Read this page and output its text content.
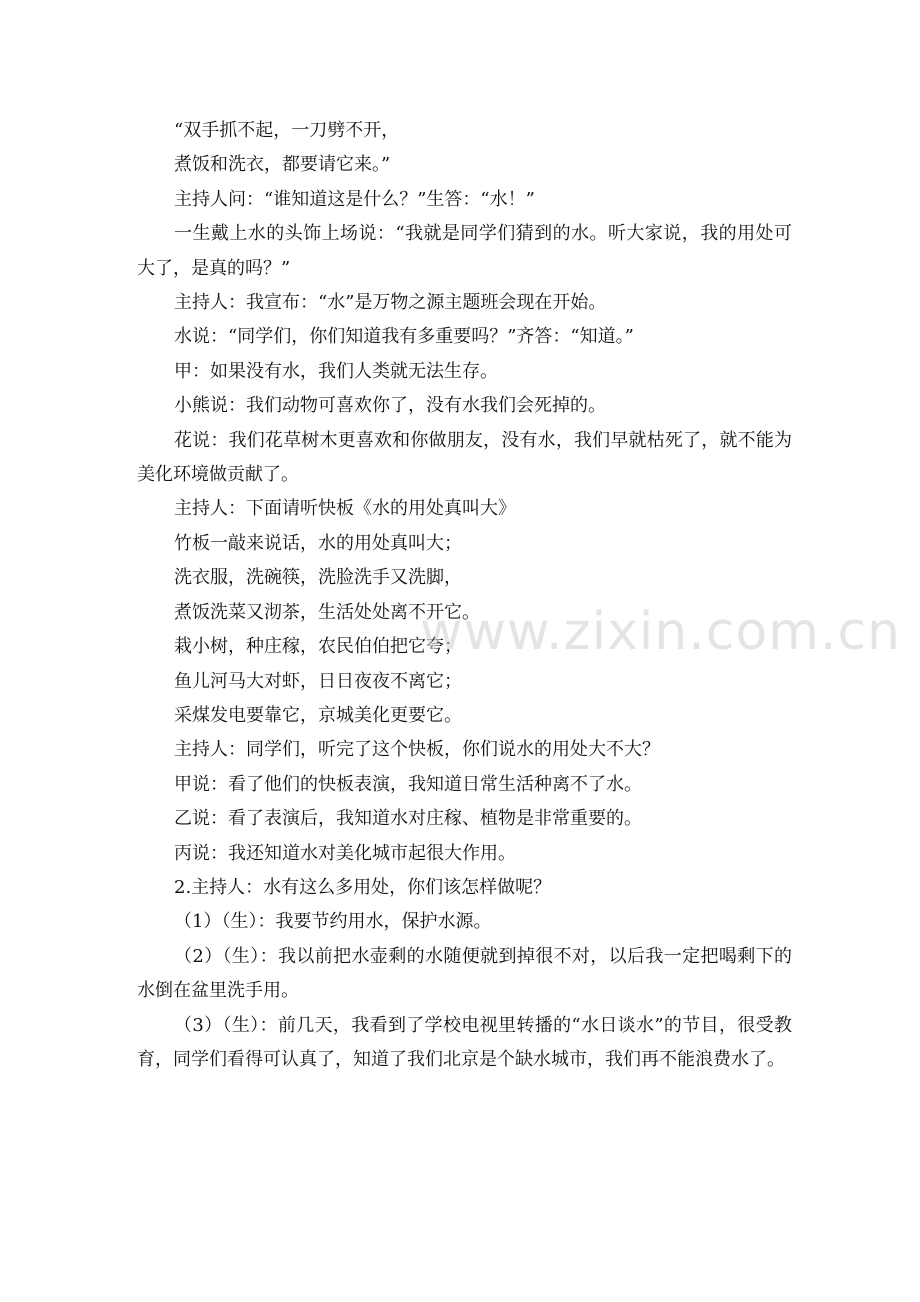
“双手抓不起，一刀劈不开，

煮饭和洗衣，都要请它来。”

主持人问：“谁知道这是什么？”生答：“水！”

一生戴上水的头饰上场说：“我就是同学们猜到的水。听大家说，我的用处可大了，是真的吗？”

主持人：我宣布：“水”是万物之源主题班会现在开始。

水说：“同学们，你们知道我有多重要吗？”齐答：“知道。”

甲：如果没有水，我们人类就无法生存。

小熊说：我们动物可喜欢你了，没有水我们会死掉的。

花说：我们花草树木更喜欢和你做朋友，没有水，我们早就枯死了，就不能为美化环境做贡献了。

主持人：下面请听快板《水的用处真叫大》

竹板一敲来说话，水的用处真叫大；

洗衣服，洗碗筷，洗脸洗手又洗脚，

煮饭洗菜又沏茶，生活处处离不开它。

栽小树，种庄稼，农民伯伯把它夸；

鱼儿河马大对虾，日日夜夜不离它；

采煤发电要靠它，京城美化更要它。

主持人：同学们，听完了这个快板，你们说水的用处大不大？

甲说：看了他们的快板表演，我知道日常生活种离不了水。

乙说：看了表演后，我知道水对庄稼、植物是非常重要的。

丙说：我还知道水对美化城市起很大作用。

2.主持人：水有这么多用处，你们该怎样做呢？

（1）（生）：我要节约用水，保护水源。

（2）（生）：我以前把水壶剩的水随便就到掉很不对，以后我一定把喝剩下的水倒在盆里洗手用。

（3）（生）：前几天，我看到了学校电视里转播的“水日谈水”的节目，很受教育，同学们看得可认真了，知道了我们北京是个缺水城市，我们再不能浪费水了。

www.zixin.com.cn
